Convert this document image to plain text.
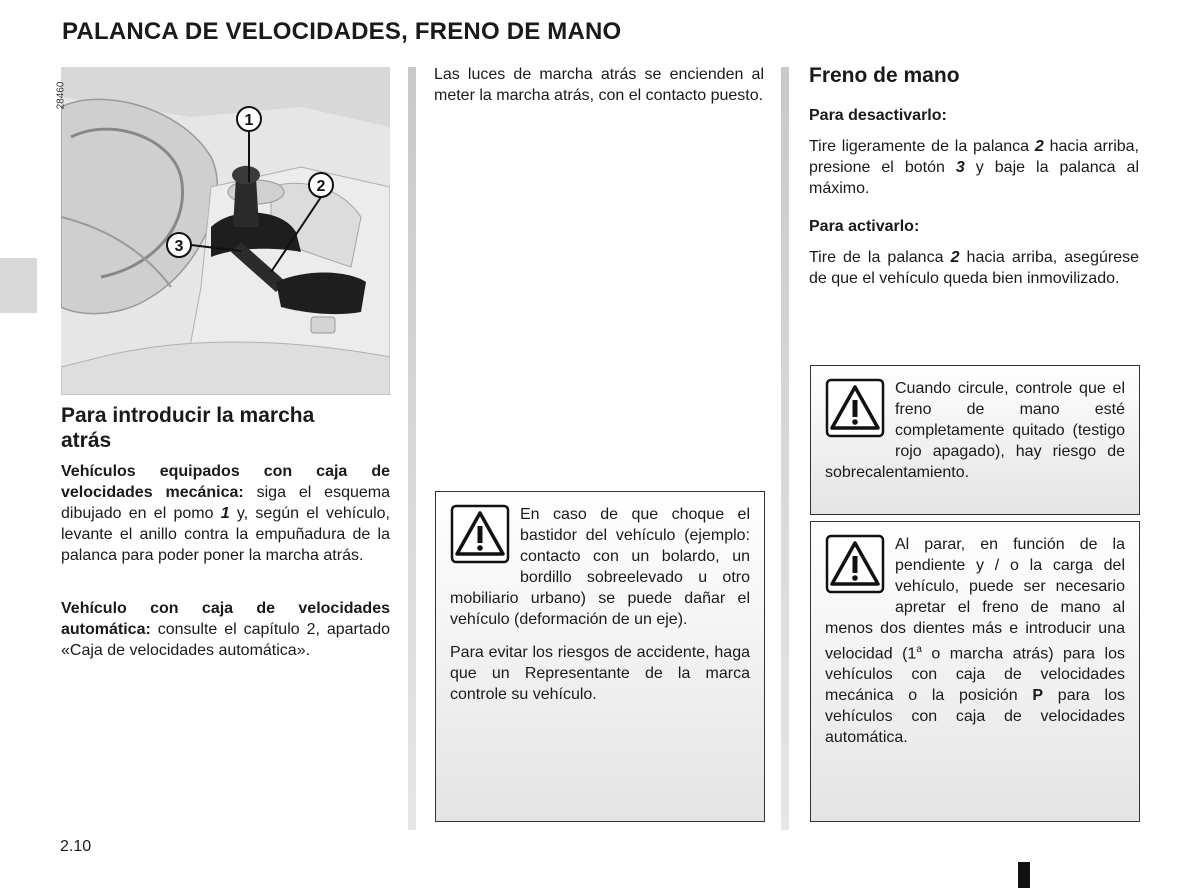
PALANCA DE VELOCIDADES, FRENO DE MANO
1
2
3
28460
Para introducir la marcha atrás

Vehículos equipados con caja de velocidades mecánica: siga el esquema dibujado en el pomo 1 y, según el vehículo, levante el anillo contra la empuñadura de la palanca para poder poner la marcha atrás.

Vehículo con caja de velocidades automática: consulte el capítulo 2, apartado «Caja de velocidades automática».

Las luces de marcha atrás se encienden al meter la marcha atrás, con el contacto puesto.

En caso de que choque el bastidor del vehículo (ejemplo: contacto con un bolardo, un bordillo sobreelevado u otro mobiliario urbano) se puede dañar el vehículo (deformación de un eje).

Para evitar los riesgos de accidente, haga que un Representante de la marca controle su vehículo.

Freno de mano
Para desactivarlo:

Tire ligeramente de la palanca 2 hacia arriba, presione el botón 3 y baje la palanca al máximo.

Para activarlo:

Tire de la palanca 2 hacia arriba, asegúrese de que el vehículo queda bien inmovilizado.

Cuando circule, controle que el freno de mano esté completamente quitado (testigo rojo apagado), hay riesgo de sobrecalentamiento.

Al parar, en función de la pendiente y / o la carga del vehículo, puede ser necesario apretar el freno de mano al menos dos dientes más e introducir una velocidad (1$^a$ o marcha atrás) para los vehículos con caja de velocidades mecánica o la posición P para los vehículos con caja de velocidades automática.

2.10
